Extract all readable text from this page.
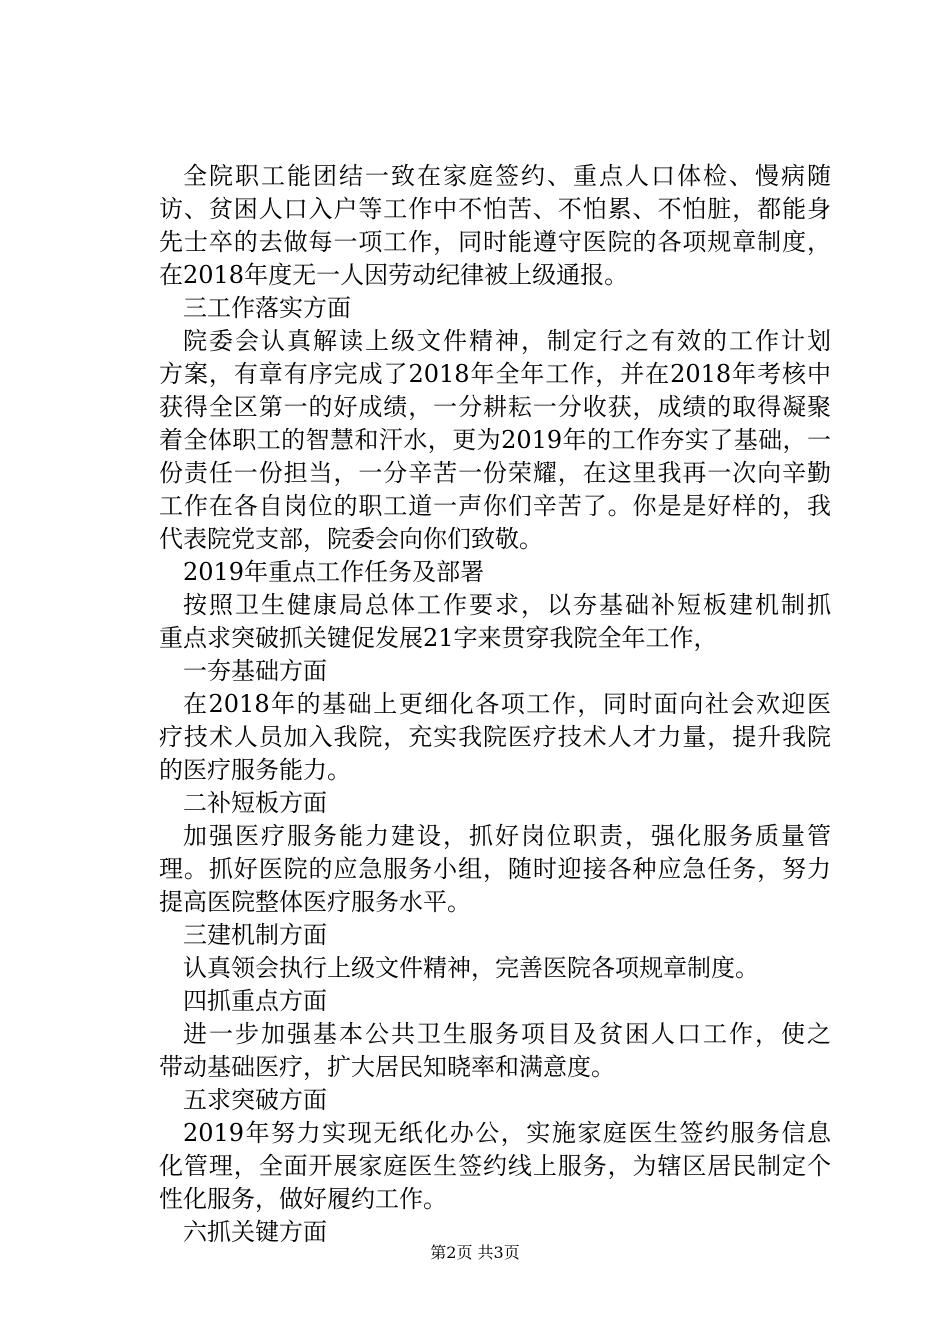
全院职工能团结一致在家庭签约、重点人口体检、慢病随
访、贫困人口入户等工作中不怕苦、不怕累、不怕脏，都能身
先士卒的去做每一项工作，同时能遵守医院的各项规章制度，
在2018年度无一人因劳动纪律被上级通报。
三工作落实方面
院委会认真解读上级文件精神，制定行之有效的工作计划
方案，有章有序完成了2018年全年工作，并在2018年考核中
获得全区第一的好成绩，一分耕耘一分收获，成绩的取得凝聚
着全体职工的智慧和汗水，更为2019年的工作夯实了基础，一
份责任一份担当，一分辛苦一份荣耀，在这里我再一次向辛勤
工作在各自岗位的职工道一声你们辛苦了。你是是好样的，我
代表院党支部，院委会向你们致敬。
2019年重点工作任务及部署
按照卫生健康局总体工作要求，以夯基础补短板建机制抓
重点求突破抓关键促发展21字来贯穿我院全年工作，
一夯基础方面
在2018年的基础上更细化各项工作，同时面向社会欢迎医
疗技术人员加入我院，充实我院医疗技术人才力量，提升我院
的医疗服务能力。
二补短板方面
加强医疗服务能力建设，抓好岗位职责，强化服务质量管
理。抓好医院的应急服务小组，随时迎接各种应急任务，努力
提高医院整体医疗服务水平。
三建机制方面
认真领会执行上级文件精神，完善医院各项规章制度。
四抓重点方面
进一步加强基本公共卫生服务项目及贫困人口工作，使之
带动基础医疗，扩大居民知晓率和满意度。
五求突破方面
2019年努力实现无纸化办公，实施家庭医生签约服务信息
化管理，全面开展家庭医生签约线上服务，为辖区居民制定个
性化服务，做好履约工作。
六抓关键方面
第2页 共3页
